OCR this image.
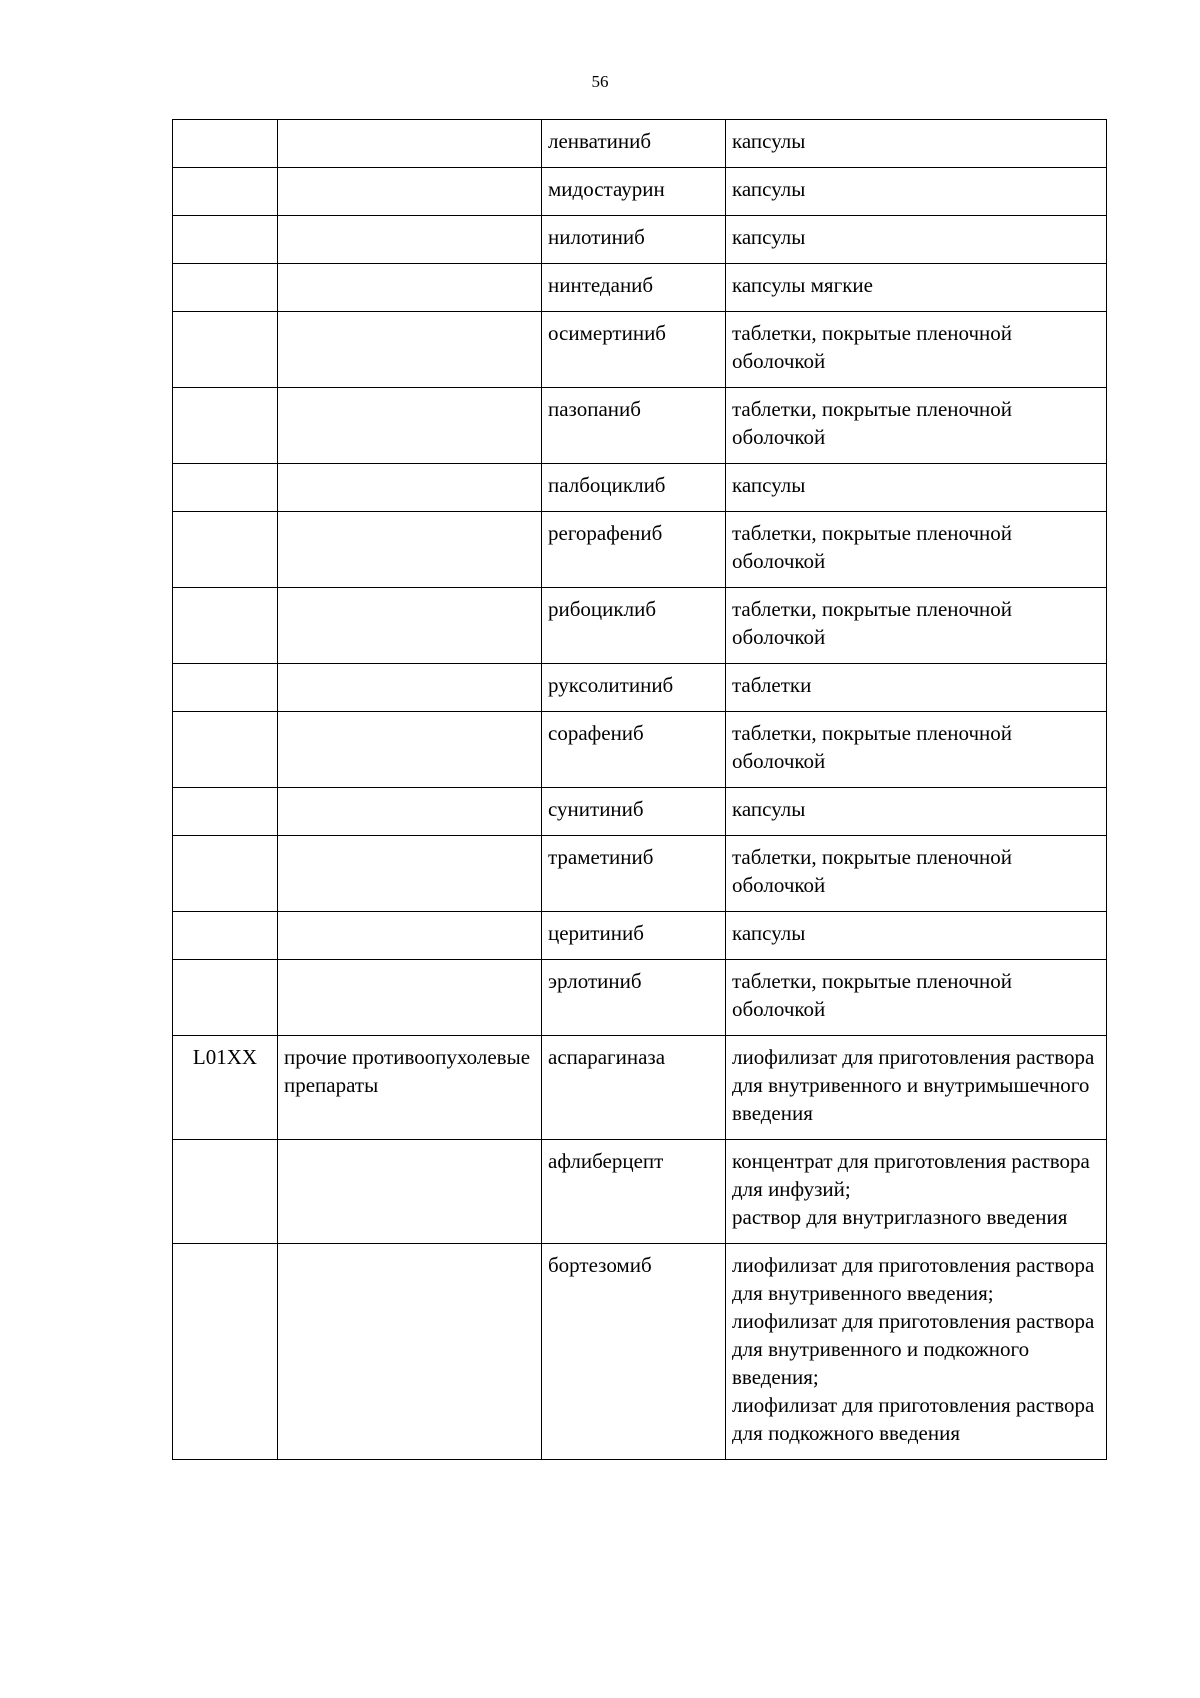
56
		ленватиниб	капсулы

		мидостаурин	капсулы

		нилотиниб	капсулы

		нинтеданиб	капсулы мягкие

		осимертиниб	таблетки, покрытые пленочной оболочкой

		пазопаниб	таблетки, покрытые пленочной оболочкой

		палбоциклиб	капсулы

		регорафениб	таблетки, покрытые пленочной оболочкой

		рибоциклиб	таблетки, покрытые пленочной оболочкой

		руксолитиниб	таблетки

		сорафениб	таблетки, покрытые пленочной оболочкой

		сунитиниб	капсулы

		траметиниб	таблетки, покрытые пленочной оболочкой

		церитиниб	капсулы

		эрлотиниб	таблетки, покрытые пленочной оболочкой

L01XX	прочие противоопухолевые препараты	аспарагиназа	лиофилизат для приготовления раствора для внутривенного и внутримышечного введения

		афлиберцепт	концентрат для приготовления раствора для инфузий;
раствор для внутриглазного введения

		бортезомиб	лиофилизат для приготовления раствора для внутривенного введения;
лиофилизат для приготовления раствора для внутривенного и подкожного введения;
лиофилизат для приготовления раствора для подкожного введения
